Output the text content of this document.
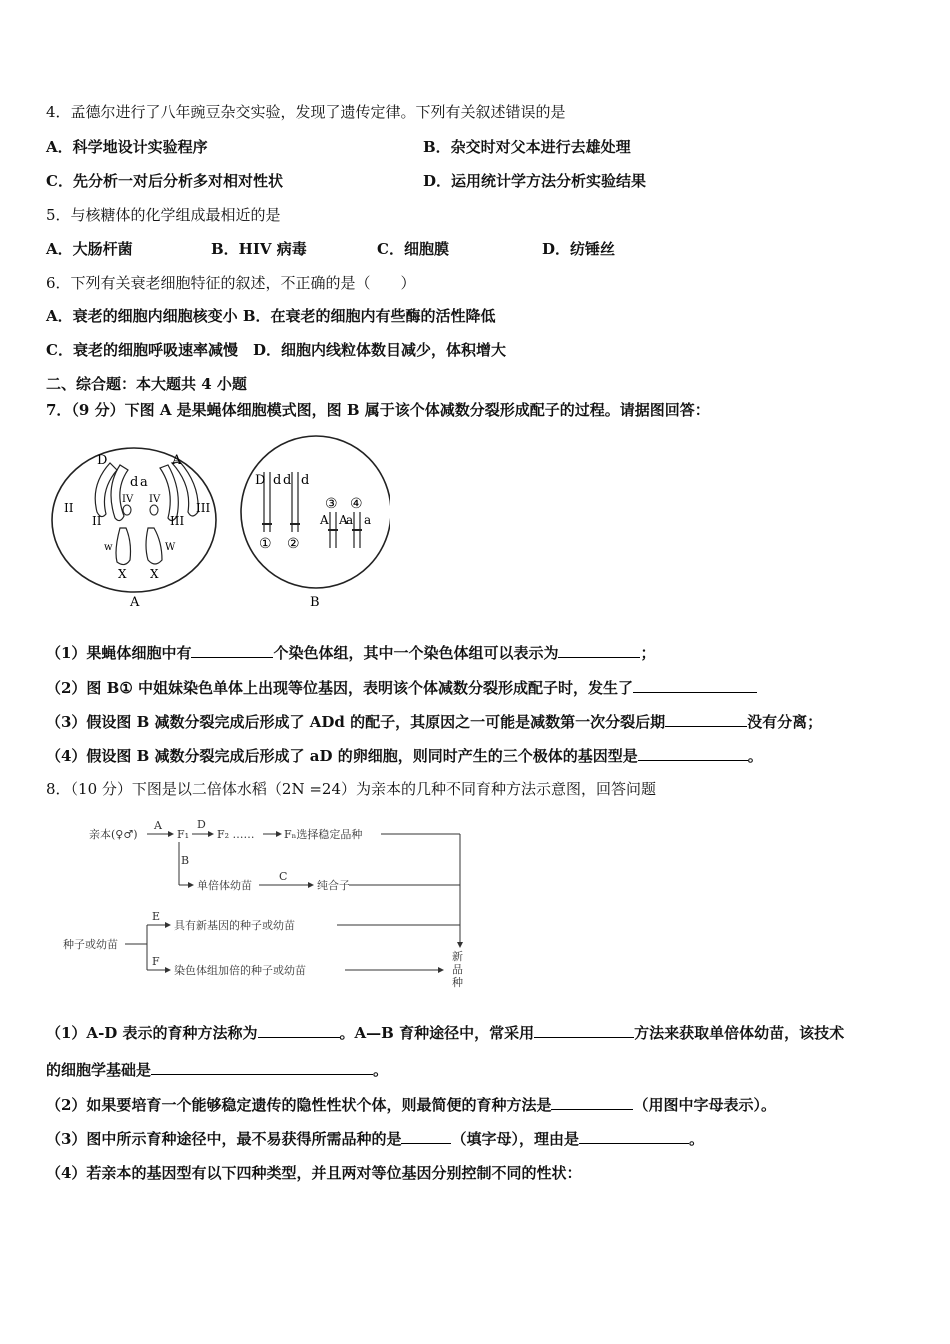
4．孟德尔进行了八年豌豆杂交实验，发现了遗传定律。下列有关叙述错误的是
A．科学地设计实验程序	B．杂交时对父本进行去雄处理
C．先分析一对后分析多对相对性状	D．运用统计学方法分析实验结果
5．与核糖体的化学组成最相近的是
A．大肠杆菌	B．HIV 病毒	C．细胞膜	D．纺锤丝
6．下列有关衰老细胞特征的叙述，不正确的是（　　）
A．衰老的细胞内细胞核变小 B．在衰老的细胞内有些酶的活性降低
C．衰老的细胞呼吸速率减慢　D．细胞内线粒体数目减少，体积增大
二、综合题：本大题共 4 小题
7．（9 分）下图 A 是果蝇体细胞模式图，图 B 属于该个体减数分裂形成配子的过程。请据图回答：
D	A
d a
II
II	III
III
IV IV
w	W
X X
A
D d d d
① ②
③ ④
A A
a a
B
（1）果蝇体细胞中有	个染色体组，其中一个染色体组可以表示为	；
（2）图 B① 中姐妹染色单体上出现等位基因，表明该个体减数分裂形成配子时，发生了
（3）假设图 B 减数分裂完成后形成了 ADd 的配子，其原因之一可能是减数第一次分裂后期	没有分离；
（4）假设图 B 减数分裂完成后形成了 aD 的卵细胞，则同时产生的三个极体的基因型是	。
8．（10 分）下图是以二倍体水稻（2N =24）为亲本的几种不同育种方法示意图，回答问题
亲本(♀♂)
A
F₁
D
F₂ ……	Fₙ选择稳定品种
B
单倍体幼苗
C
纯合子
种子或幼苗
E
F
具有新基因的种子或幼苗
染色体组加倍的种子或幼苗
新
品
种
（1）A-D 表示的育种方法称为	。A—B 育种途径中，常采用	方法来获取单倍体幼苗，该技术
的细胞学基础是	。
（2）如果要培育一个能够稳定遗传的隐性性状个体，则最简便的育种方法是	（用图中字母表示）。
（3）图中所示育种途径中，最不易获得所需品种的是	（填字母），理由是	。
（4）若亲本的基因型有以下四种类型，并且两对等位基因分别控制不同的性状：
